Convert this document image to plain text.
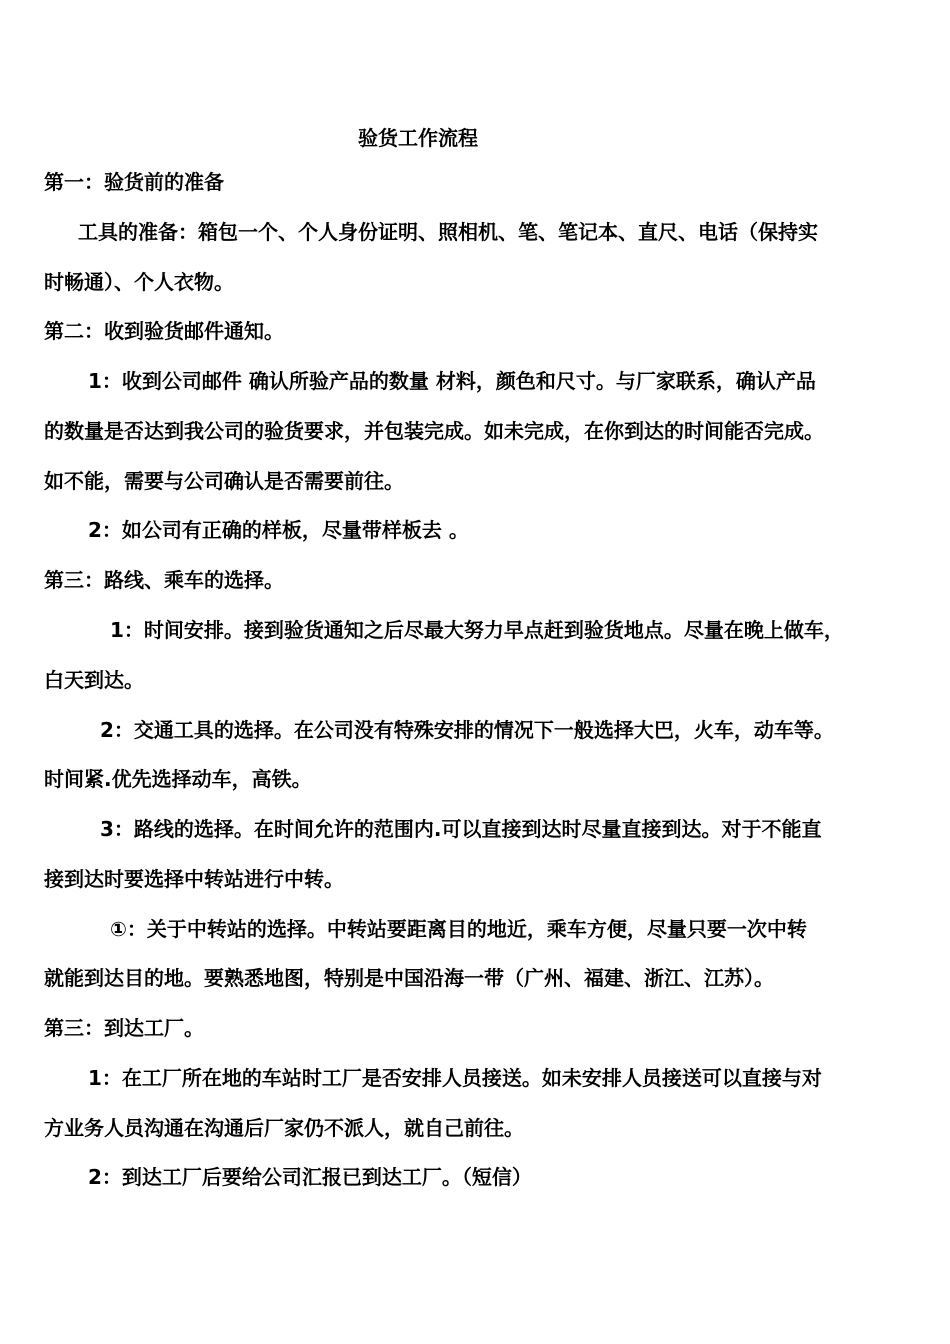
验货工作流程
第一：验货前的准备
工具的准备：箱包一个、个人身份证明、照相机、笔、笔记本、直尺、电话（保持实
时畅通）、个人衣物。
第二：收到验货邮件通知。
1：收到公司邮件 确认所验产品的数量 材料，颜色和尺寸。与厂家联系，确认产品
的数量是否达到我公司的验货要求，并包装完成。如未完成，在你到达的时间能否完成。
如不能，需要与公司确认是否需要前往。
2：如公司有正确的样板，尽量带样板去 。
第三：路线、乘车的选择。
1：时间安排。接到验货通知之后尽最大努力早点赶到验货地点。尽量在晚上做车，
白天到达。
2：交通工具的选择。在公司没有特殊安排的情况下一般选择大巴，火车，动车等。
时间紧.优先选择动车，高铁。
3：路线的选择。在时间允许的范围内.可以直接到达时尽量直接到达。对于不能直
接到达时要选择中转站进行中转。
①：关于中转站的选择。中转站要距离目的地近，乘车方便，尽量只要一次中转
就能到达目的地。要熟悉地图，特别是中国沿海一带（广州、福建、浙江、江苏）。
第三：到达工厂。
1：在工厂所在地的车站时工厂是否安排人员接送。如未安排人员接送可以直接与对
方业务人员沟通在沟通后厂家仍不派人，就自己前往。
2：到达工厂后要给公司汇报已到达工厂。（短信）
